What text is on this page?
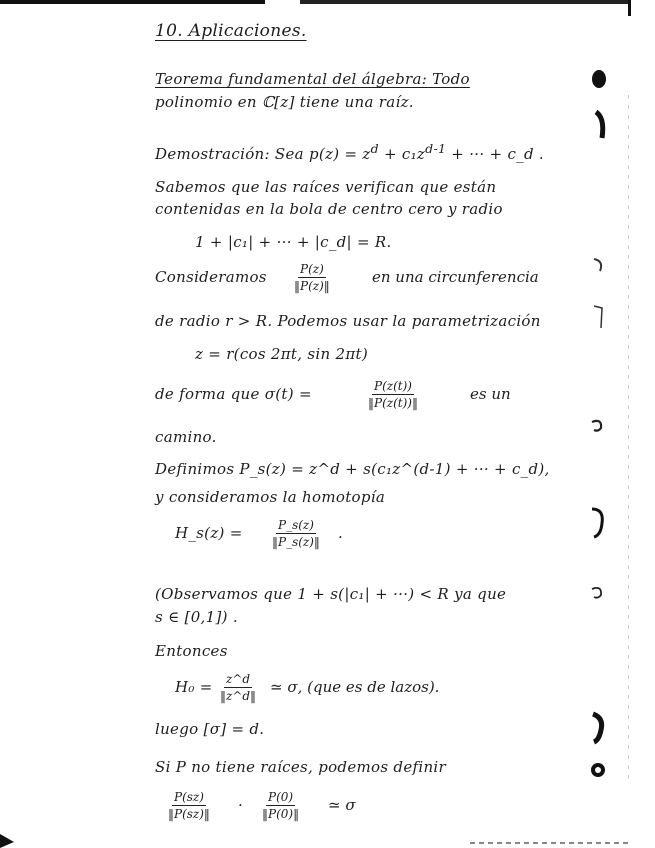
10. Aplicaciones.
Teorema fundamental del álgebra: Todo
polinomio en ℂ[z] tiene una raíz.
Demostración: Sea $p(z) = z^d + c_1z^{d-1}$ + ··· + c_d .
Sabemos que las raíces verifican que están
contenidas en la bola de centro cero y radio
1 + |c₁| + ··· + |c_d| = R.
Consideramos $\frac{P(z)}{‖P(z)‖}$	en una circunferencia
de radio r > R. Podemos usar la parametrización
z = r(cos 2πt, sin 2πt)
de forma que σ(t) =	$\frac{P(z(t))}{‖P(z(t))‖}$	es un
camino.
Definimos P_s(z) = z^d + s(c₁z^(d-1) + ··· + c_d),
y consideramos la homotopía
H_s(z) = $\frac{P\_s(z)}{‖P\_s(z)‖}$ .
(Observamos que 1 + s(|c₁| + ···) < R ya que
s ∈ [0,1]) .
Entonces
$H_0 = \frac{z\^{}d}{‖z\^{}d‖}$ ≃ σ, (que es de lazos).
luego [σ] = d.
Si P no tiene raíces, podemos definir
$\frac{P(sz)}{‖P(sz)‖} \cdot \frac{P(0)}{‖P(0)‖}$ ≃ σ
